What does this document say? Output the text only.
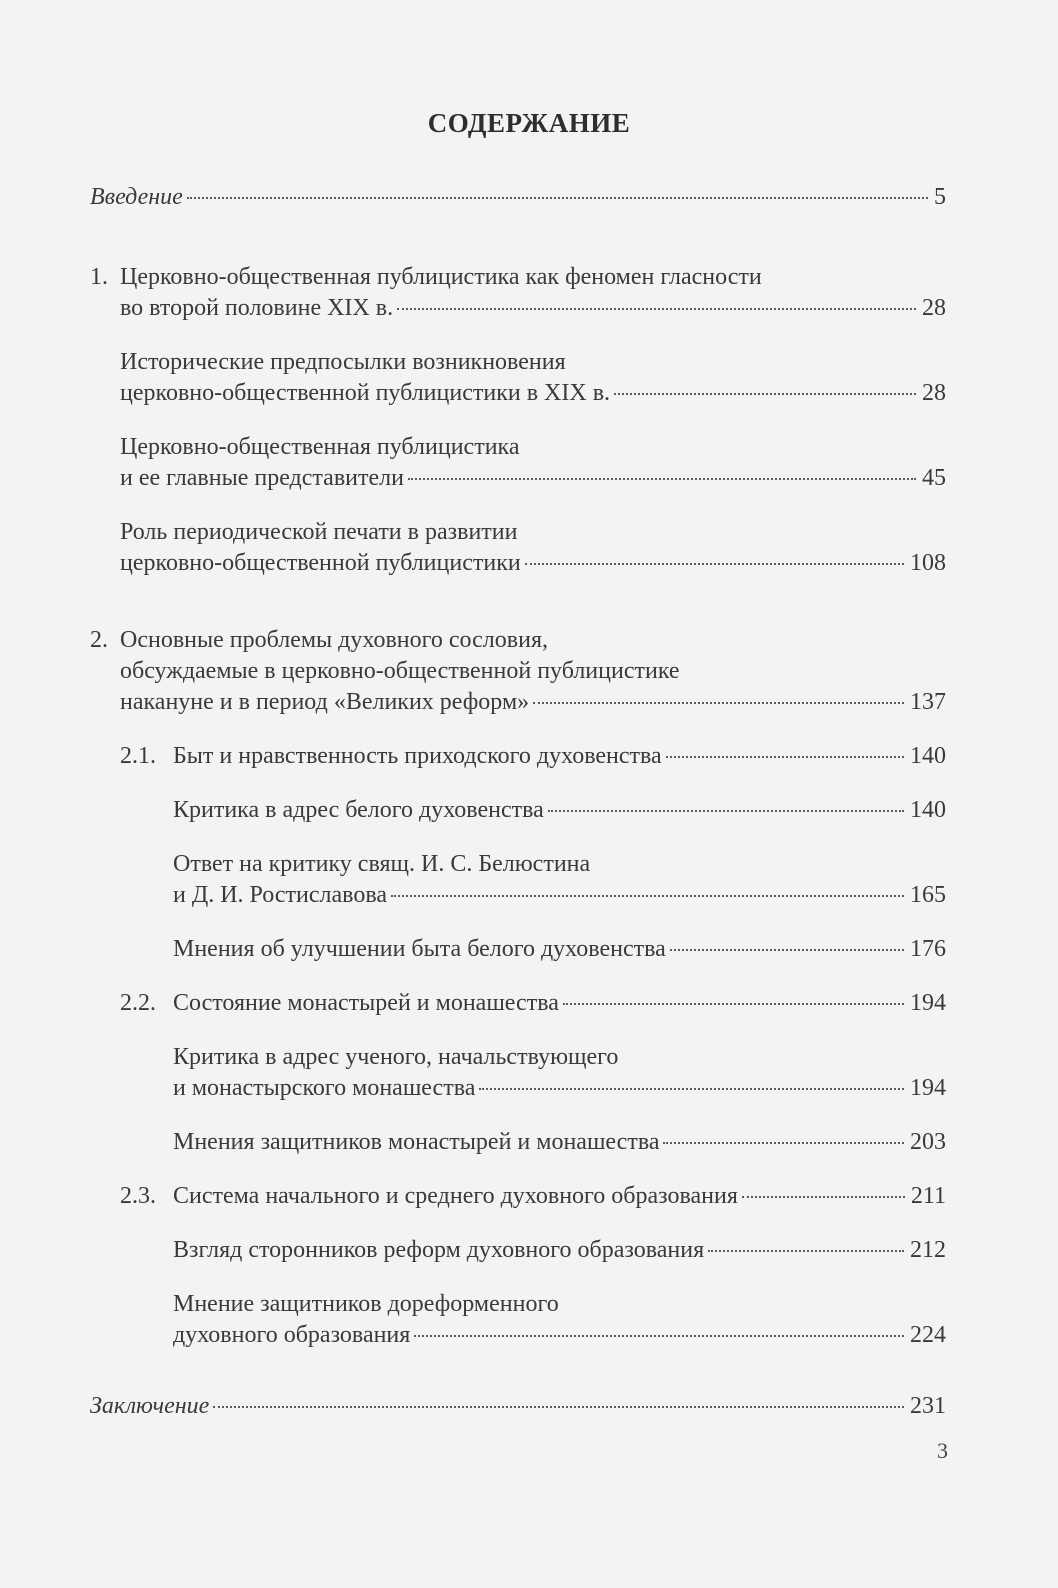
СОДЕРЖАНИЕ
Введение	5
1. Церковно-общественная публицистика как феномен гласности
во второй половине XIX в.	28
Исторические предпосылки возникновения
церковно-общественной публицистики в XIX в.	28
Церковно-общественная публицистика
и ее главные представители	45
Роль периодической печати в развитии
церковно-общественной публицистики	108
2. Основные проблемы духовного сословия,
обсуждаемые в церковно-общественной публицистике
накануне и в период «Великих реформ»	137
2.1. Быт и нравственность приходского духовенства	140
Критика в адрес белого духовенства	140
Ответ на критику свящ. И. С. Белюстина
и Д. И. Ростиславова	165
Мнения об улучшении быта белого духовенства	176
2.2. Состояние монастырей и монашества	194
Критика в адрес ученого, начальствующего
и монастырского монашества	194
Мнения защитников монастырей и монашества	203
2.3. Система начального и среднего духовного образования	211
Взгляд сторонников реформ духовного образования	212
Мнение защитников дореформенного
духовного образования	224
Заключение	231
3
